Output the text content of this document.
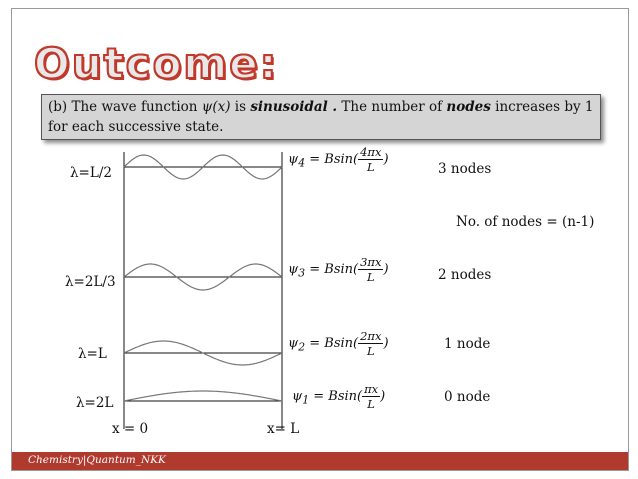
Outcome:
(b) The wave function ψ(x) is sinusoidal . The number of nodes increases by 1 for each successive state.
λ=L/2
λ=2L/3
λ=L
λ=2L
$\psi_4 = Bsin( \frac{4\pi x}{L}$ )
$\psi_3 = Bsin( \frac{3\pi x}{L}$ )
$\psi_2 = Bsin( \frac{2\pi x}{L}$ )
$\psi_1 = Bsin( \frac{\pi x}{L}$ )
3 nodes
2 nodes
1 node
0 node
No. of nodes = (n-1)
x = 0	x= L
Chemistry|Quantum_NKK
